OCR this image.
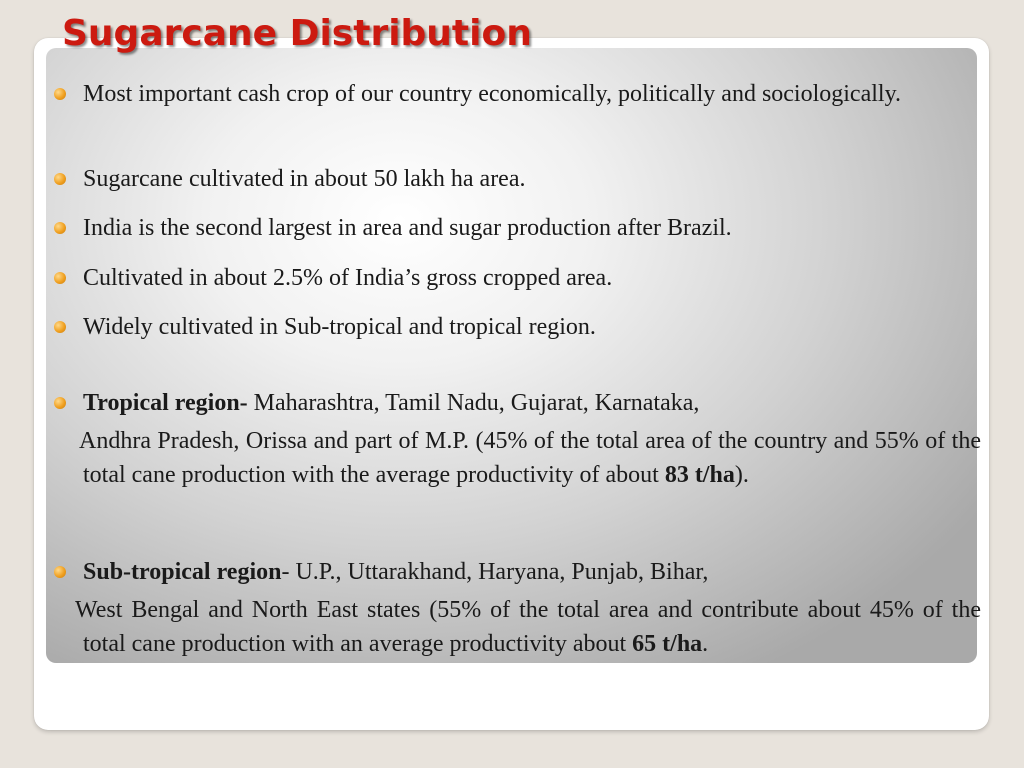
Sugarcane Distribution

Most important cash crop of our country economically, politically and sociologically.

Sugarcane cultivated in about 50 lakh ha area.

India is the second largest in area and sugar production after Brazil.

Cultivated in about 2.5% of India’s gross cropped area.

Widely cultivated in Sub-tropical and tropical region.

Tropical region- Maharashtra, Tamil Nadu, Gujarat, Karnataka,

Andhra Pradesh, Orissa and part of M.P. (45% of the total area of the country and 55% of the total cane production with the average productivity of about 83 t/ha).

Sub-tropical region- U.P., Uttarakhand, Haryana, Punjab, Bihar,

West Bengal and North East states (55% of the total area and contribute about 45% of the total cane production with an average productivity about 65 t/ha.
